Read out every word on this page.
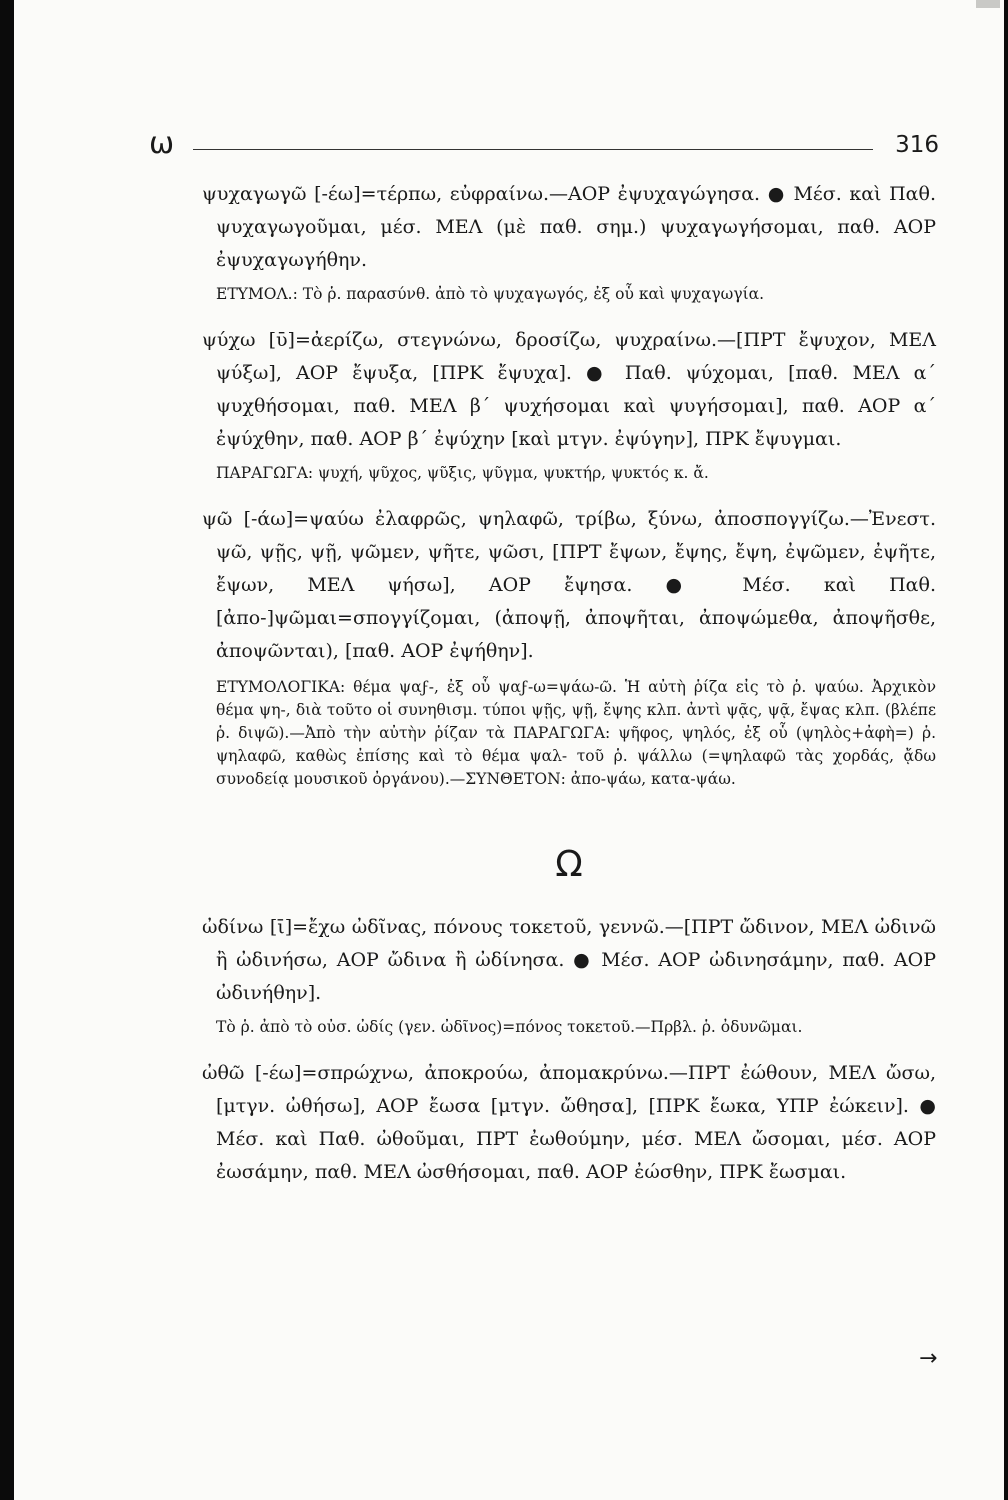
ω	316
ψυχαγωγῶ [-έω]=τέρπω, εὐφραίνω.—ΑΟΡ ἐψυχαγώγησα. ● Μέσ. καὶ Παθ. ψυχαγωγοῦμαι, μέσ. ΜΕΛ (μὲ παθ. σημ.) ψυχαγωγήσομαι, παθ. ΑΟΡ ἐψυχαγωγήθην.
ΕΤΥΜΟΛ.: Τὸ ῥ. παρασύνθ. ἀπὸ τὸ ψυχαγωγός, ἐξ οὗ καὶ ψυχαγωγία.
ψύχω [ῡ]=ἀερίζω, στεγνώνω, δροσίζω, ψυχραίνω.—[ΠΡΤ ἔψυχον, ΜΕΛ ψύξω], ΑΟΡ ἔψυξα, [ΠΡΚ ἔψυχα]. ● Παθ. ψύχομαι, [παθ. ΜΕΛ α΄ ψυχθήσομαι, παθ. ΜΕΛ β΄ ψυχήσομαι καὶ ψυγήσομαι], παθ. ΑΟΡ α΄ ἐψύχθην, παθ. ΑΟΡ β΄ ἐψύχην [καὶ μτγν. ἐψύγην], ΠΡΚ ἔψυγμαι.
ΠΑΡΑΓΩΓΑ: ψυχή, ψῦχος, ψῦξις, ψῦγμα, ψυκτήρ, ψυκτός κ. ἄ.
ψῶ [-άω]=ψαύω ἐλαφρῶς, ψηλαφῶ, τρίβω, ξύνω, ἀποσπογγίζω.—Ἐνεστ. ψῶ, ψῇς, ψῇ, ψῶμεν, ψῆτε, ψῶσι, [ΠΡΤ ἔψων, ἔψης, ἔψη, ἐψῶμεν, ἐψῆτε, ἔψων, ΜΕΛ ψήσω], ΑΟΡ ἔψησα. ● Μέσ. καὶ Παθ. [ἀπο-]ψῶμαι=σπογγίζομαι, (ἀποψῇ, ἀποψῆται, ἀποψώμεθα, ἀποψῆσθε, ἀποψῶνται), [παθ. ΑΟΡ ἐψήθην].
ΕΤΥΜΟΛΟΓΙΚΑ: θέμα ψαϝ-, ἐξ οὗ ψαϝ-ω=ψάω-ῶ. Ἡ αὐτὴ ῥίζα εἰς τὸ ῥ. ψαύω. Ἀρχικὸν θέμα ψη-, διὰ τοῦτο οἱ συνηθισμ. τύποι ψῇς, ψῇ, ἔψης κλπ. ἀντὶ ψᾷς, ψᾷ, ἔψας κλπ. (βλέπε ῥ. διψῶ).—Ἀπὸ τὴν αὐτὴν ῥίζαν τὰ ΠΑΡΑΓΩΓΑ: ψῆφος, ψηλός, ἐξ οὗ (ψηλὸς+ἀφὴ=) ῥ. ψηλαφῶ, καθὼς ἐπίσης καὶ τὸ θέμα ψαλ- τοῦ ῥ. ψάλλω (=ψηλαφῶ τὰς χορδάς, ᾄδω συνοδείᾳ μουσικοῦ ὀργάνου).—ΣΥΝΘΕΤΟΝ: ἀπο-ψάω, κατα-ψάω.
Ω
ὠδίνω [ῑ]=ἔχω ὠδῖνας, πόνους τοκετοῦ, γεννῶ.—[ΠΡΤ ὤδινον, ΜΕΛ ὠδινῶ ἢ ὠδινήσω, ΑΟΡ ὤδινα ἢ ὠδίνησα. ● Μέσ. ΑΟΡ ὠδινησάμην, παθ. ΑΟΡ ὠδινήθην].
Τὸ ῥ. ἀπὸ τὸ οὐσ. ὠδίς (γεν. ὠδῖνος)=πόνος τοκετοῦ.—Πρβλ. ῥ. ὀδυνῶμαι.
ὠθῶ [-έω]=σπρώχνω, ἀποκρούω, ἀπομακρύνω.—ΠΡΤ ἐώθουν, ΜΕΛ ὤσω, [μτγν. ὠθήσω], ΑΟΡ ἔωσα [μτγν. ὤθησα], [ΠΡΚ ἔωκα, ΥΠΡ ἐώκειν]. ● Μέσ. καὶ Παθ. ὠθοῦμαι, ΠΡΤ ἐωθούμην, μέσ. ΜΕΛ ὤσομαι, μέσ. ΑΟΡ ἐωσάμην, παθ. ΜΕΛ ὠσθήσομαι, παθ. ΑΟΡ ἐώσθην, ΠΡΚ ἔωσμαι.
→
